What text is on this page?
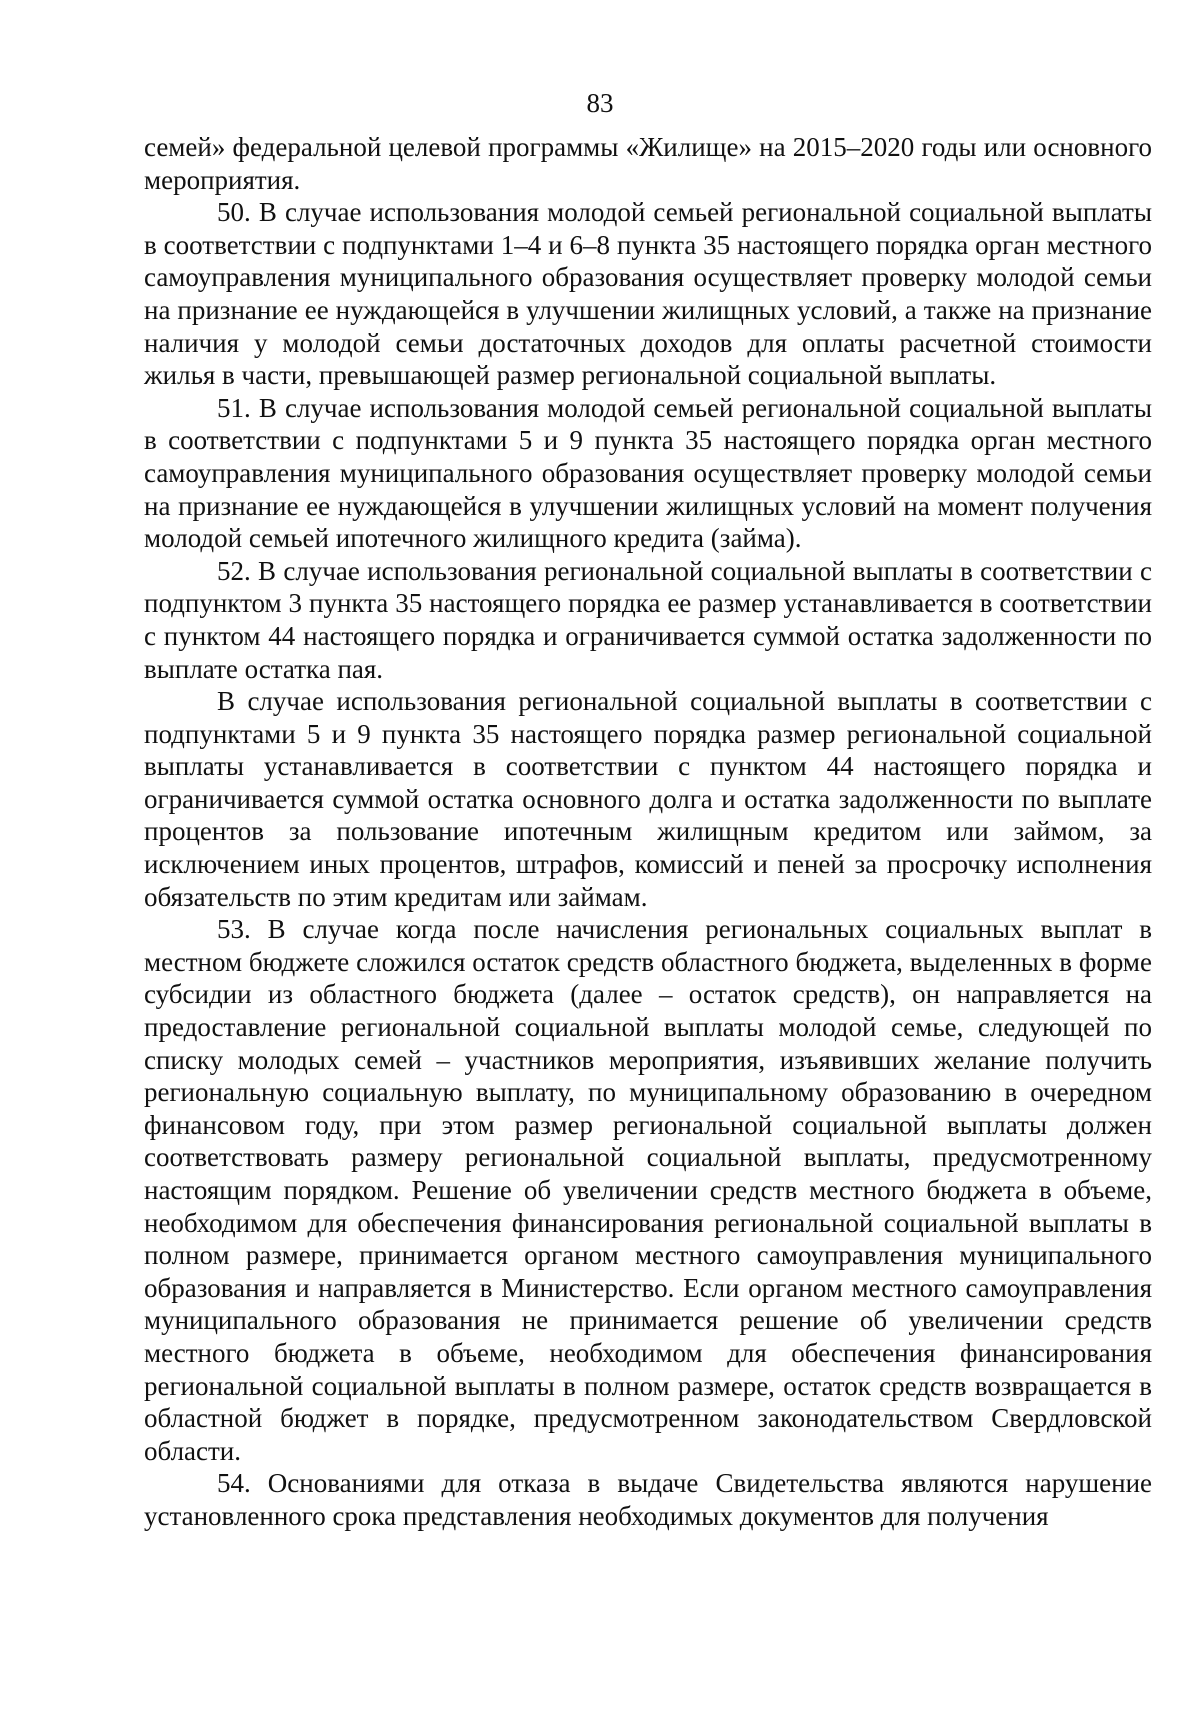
83

семей» федеральной целевой программы «Жилище» на 2015–2020 годы или основного мероприятия.

50. В случае использования молодой семьей региональной социальной выплаты в соответствии с подпунктами 1–4 и 6–8 пункта 35 настоящего порядка орган местного самоуправления муниципального образования осуществляет проверку молодой семьи на признание ее нуждающейся в улучшении жилищных условий, а также на признание наличия у молодой семьи достаточных доходов для оплаты расчетной стоимости жилья в части, превышающей размер региональной социальной выплаты.

51. В случае использования молодой семьей региональной социальной выплаты в соответствии с подпунктами 5 и 9 пункта 35 настоящего порядка орган местного самоуправления муниципального образования осуществляет проверку молодой семьи на признание ее нуждающейся в улучшении жилищных условий на момент получения молодой семьей ипотечного жилищного кредита (займа).

52. В случае использования региональной социальной выплаты в соответствии с подпунктом 3 пункта 35 настоящего порядка ее размер устанавливается в соответствии с пунктом 44 настоящего порядка и ограничивается суммой остатка задолженности по выплате остатка пая.

В случае использования региональной социальной выплаты в соответствии с подпунктами 5 и 9 пункта 35 настоящего порядка размер региональной социальной выплаты устанавливается в соответствии с пунктом 44 настоящего порядка и ограничивается суммой остатка основного долга и остатка задолженности по выплате процентов за пользование ипотечным жилищным кредитом или займом, за исключением иных процентов, штрафов, комиссий и пеней за просрочку исполнения обязательств по этим кредитам или займам.

53. В случае когда после начисления региональных социальных выплат в местном бюджете сложился остаток средств областного бюджета, выделенных в форме субсидии из областного бюджета (далее – остаток средств), он направляется на предоставление региональной социальной выплаты молодой семье, следующей по списку молодых семей – участников мероприятия, изъявивших желание получить региональную социальную выплату, по муниципальному образованию в очередном финансовом году, при этом размер региональной социальной выплаты должен соответствовать размеру региональной социальной выплаты, предусмотренному настоящим порядком. Решение об увеличении средств местного бюджета в объеме, необходимом для обеспечения финансирования региональной социальной выплаты в полном размере, принимается органом местного самоуправления муниципального образования и направляется в Министерство. Если органом местного самоуправления муниципального образования не принимается решение об увеличении средств местного бюджета в объеме, необходимом для обеспечения финансирования региональной социальной выплаты в полном размере, остаток средств возвращается в областной бюджет в порядке, предусмотренном законодательством Свердловской области.

54. Основаниями для отказа в выдаче Свидетельства являются нарушение установленного срока представления необходимых документов для получения
